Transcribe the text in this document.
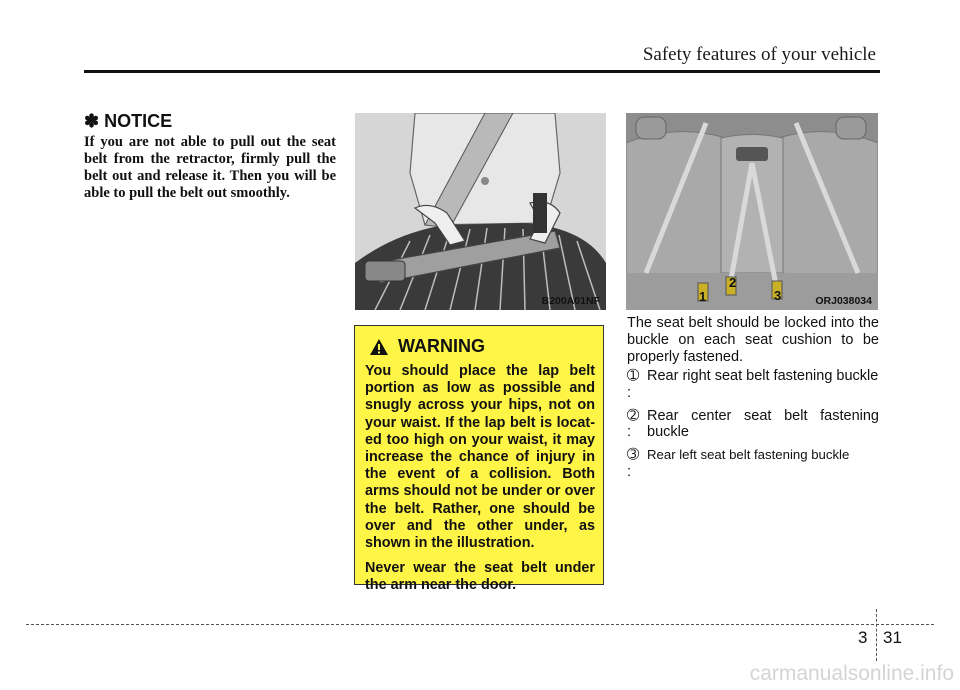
Safety features of your vehicle
✽ NOTICE
If you are not able to pull out the seat belt from the retractor, firmly pull the belt out and release it. Then you will be able to pull the belt out smoothly.
B200A01NF	1
2
3	ORJ038034
WARNING

You should place the lap belt portion as low as possible and snugly across your hips, not on your waist. If the lap belt is locat- ed too high on your waist, it may increase the chance of injury in the event of a collision. Both arms should not be under or over the belt. Rather, one should be over and the other under, as shown in the illustration.

Never wear the seat belt under the arm near the door.

The seat belt should be locked into the buckle on each seat cushion to be properly fastened.

➀ :
Rear right seat belt fastening buckle
➁ :
Rear center seat belt fastening buckle
➂ :
Rear left seat belt fastening buckle
3 31
carmanualsonline.info
